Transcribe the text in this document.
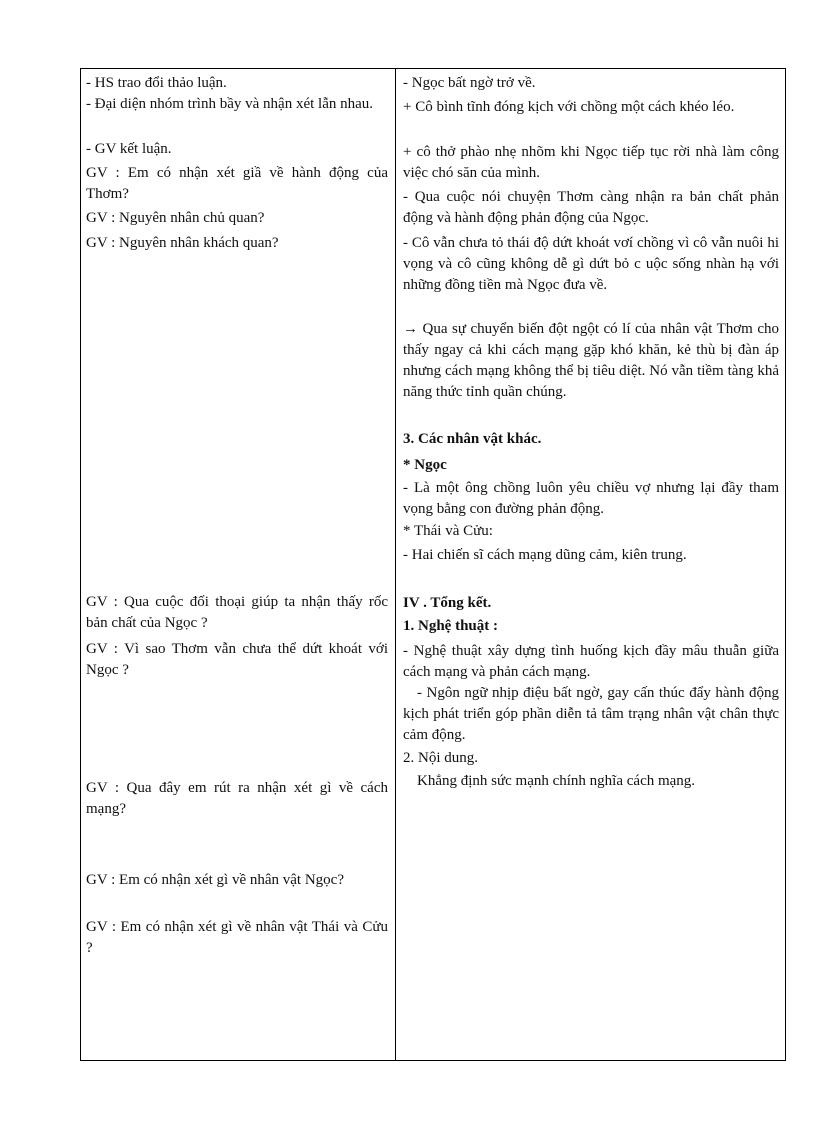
- HS trao đổi thảo luận.
- Đại diện nhóm trình bầy và nhận xét lẫn nhau.
- GV kết luận.
GV : Em có nhận xét giầ về hành động của Thơm?
GV : Nguyên nhân chủ quan?
GV : Nguyên nhân khách quan?
GV : Qua cuộc đối thoại giúp ta nhận thấy rốc bản chất của Ngọc ?
GV : Vì sao Thơm vẫn chưa thể dứt khoát với Ngọc ?
GV : Qua đây em rút ra nhận xét gì về cách mạng?
GV : Em có nhận xét gì về nhân vật Ngọc?
GV : Em có nhận xét gì về nhân vật Thái và Cửu ?
- Ngọc bất ngờ trở về.
+ Cô bình tĩnh đóng kịch với chồng một cách khéo léo.
+ cô thở phào nhẹ nhõm khi Ngọc tiếp tục rời nhà làm công việc chó săn của mình.
- Qua cuộc nói chuyện Thơm càng nhận ra bản chất phản động và hành động phản động của Ngọc.
- Cô vẫn chưa tỏ thái độ dứt khoát vơí chồng vì cô vẫn nuôi hi vọng và cô cũng không dễ gì dứt bỏ c uộc sống nhàn hạ với những đồng tiền mà Ngọc đưa về.
→ Qua sự chuyển biến đột ngột có lí của nhân vật Thơm cho thấy ngay cả khi cách mạng gặp khó khăn, kẻ thù bị đàn áp nhưng cách mạng không thể bị tiêu diệt. Nó vẫn tiềm tàng khả năng thức tỉnh quần chúng.
3. Các nhân vật khác.
* Ngọc
- Là một ông chồng luôn yêu chiều vợ nhưng lại đầy tham vọng bằng con đường phản động.
* Thái và Cửu:
- Hai chiến sĩ cách mạng dũng cảm, kiên trung.
IV . Tổng kết.
1. Nghệ thuật :
- Nghệ thuật xây dựng tình huống kịch đầy mâu thuẫn giữa cách mạng và phản cách mạng.
- Ngôn ngữ nhịp điệu bất ngờ, gay cấn thúc đẩy hành động kịch phát triển góp phần diễn tả tâm trạng nhân vật chân thực cảm động.
2. Nội dung.
Khẳng định sức mạnh chính nghĩa cách mạng.
